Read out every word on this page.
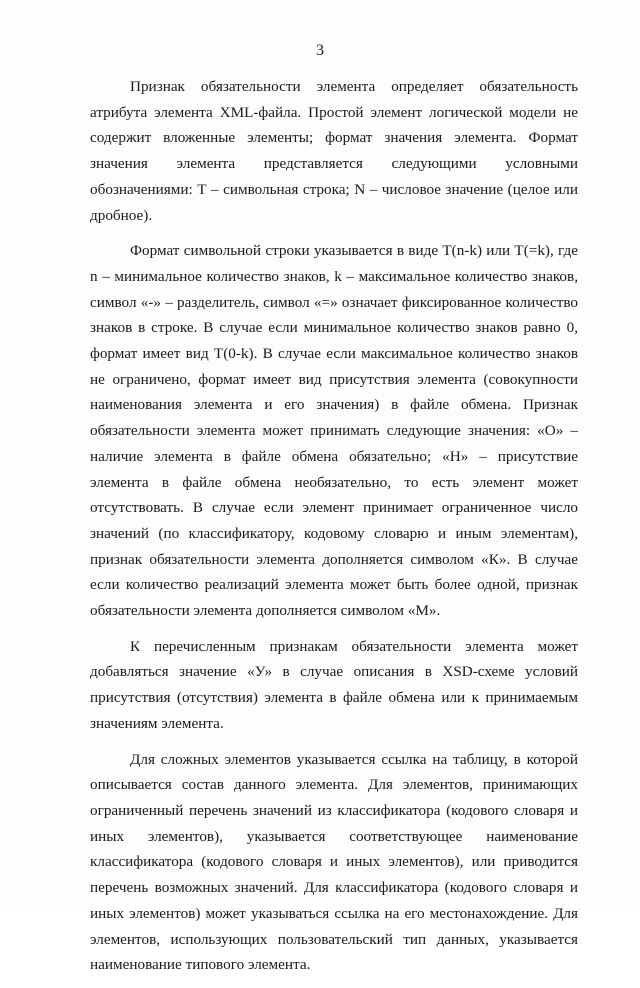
3

Признак обязательности элемента определяет обязательность атрибута элемента XML-файла. Простой элемент логической модели не содержит вложенные элементы; формат значения элемента. Формат значения элемента представляется следующими условными обозначениями: Т – символьная строка; N – числовое значение (целое или дробное).

Формат символьной строки указывается в виде Т(n-k) или Т(=k), где n – минимальное количество знаков, k – максимальное количество знаков, символ «-» – разделитель, символ «=» означает фиксированное количество знаков в строке. В случае если минимальное количество знаков равно 0, формат имеет вид Т(0-k). В случае если максимальное количество знаков не ограничено, формат имеет вид присутствия элемента (совокупности наименования элемента и его значения) в файле обмена. Признак обязательности элемента может принимать следующие значения: «О» – наличие элемента в файле обмена обязательно; «Н» – присутствие элемента в файле обмена необязательно, то есть элемент может отсутствовать. В случае если элемент принимает ограниченное число значений (по классификатору, кодовому словарю и иным элементам), признак обязательности элемента дополняется символом «К». В случае если количество реализаций элемента может быть более одной, признак обязательности элемента дополняется символом «М».

К перечисленным признакам обязательности элемента может добавляться значение «У» в случае описания в XSD-схеме условий присутствия (отсутствия) элемента в файле обмена или к принимаемым значениям элемента.

Для сложных элементов указывается ссылка на таблицу, в которой описывается состав данного элемента. Для элементов, принимающих ограниченный перечень значений из классификатора (кодового словаря и иных элементов), указывается соответствующее наименование классификатора (кодового словаря и иных элементов), или приводится перечень возможных значений. Для классификатора (кодового словаря и иных элементов) может указываться ссылка на его местонахождение. Для элементов, использующих пользовательский тип данных, указывается наименование типового элемента.
